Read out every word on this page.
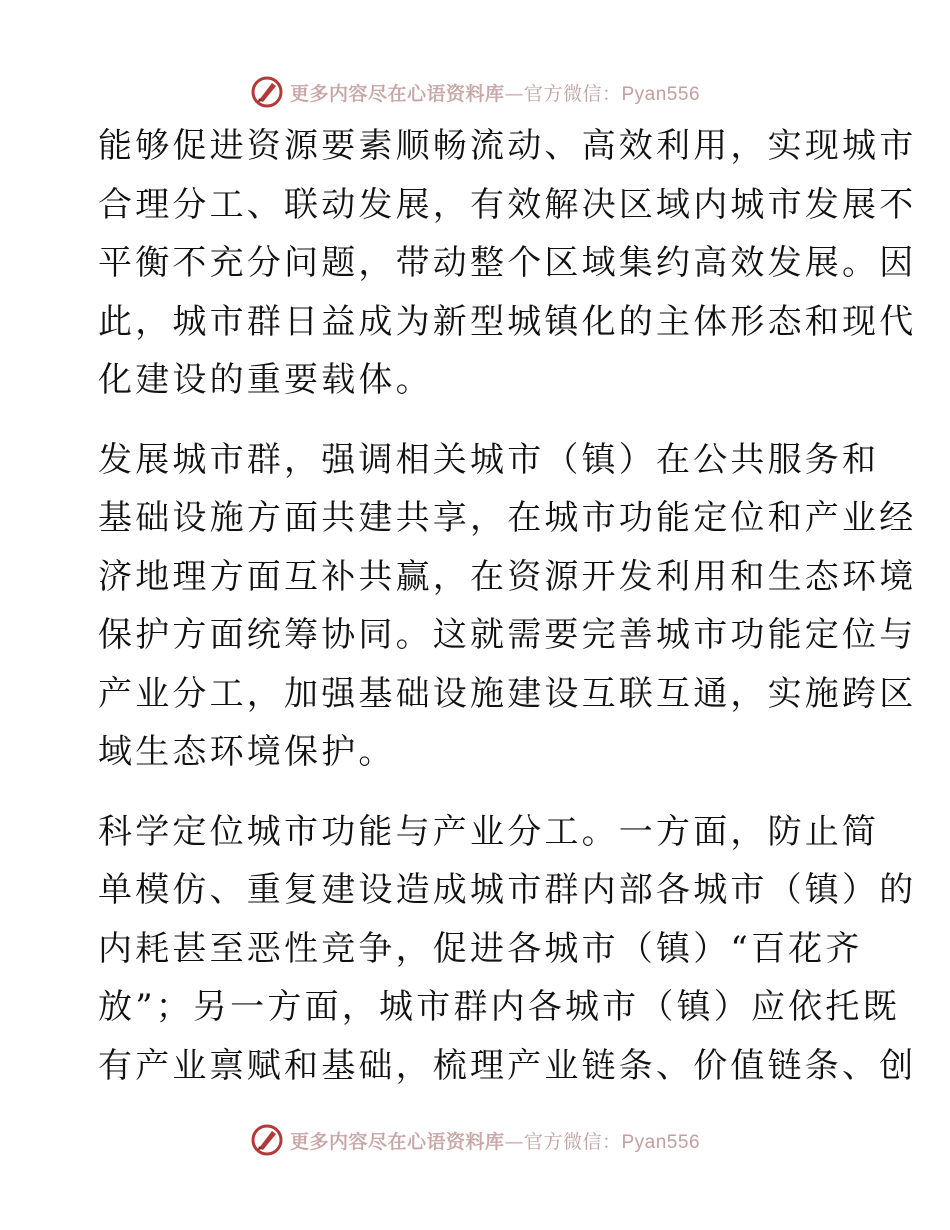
更多内容尽在心语资料库—官方微信：Pyan556

能够促进资源要素顺畅流动、高效利用，实现城市
合理分工、联动发展，有效解决区域内城市发展不
平衡不充分问题，带动整个区域集约高效发展。因
此，城市群日益成为新型城镇化的主体形态和现代
化建设的重要载体。

发展城市群，强调相关城市（镇）在公共服务和
基础设施方面共建共享，在城市功能定位和产业经
济地理方面互补共赢，在资源开发利用和生态环境
保护方面统筹协同。这就需要完善城市功能定位与
产业分工，加强基础设施建设互联互通，实施跨区
域生态环境保护。

科学定位城市功能与产业分工。一方面，防止简
单模仿、重复建设造成城市群内部各城市（镇）的
内耗甚至恶性竞争，促进各城市（镇）“百花齐
放”；另一方面，城市群内各城市（镇）应依托既
有产业禀赋和基础，梳理产业链条、价值链条、创

更多内容尽在心语资料库—官方微信：Pyan556
